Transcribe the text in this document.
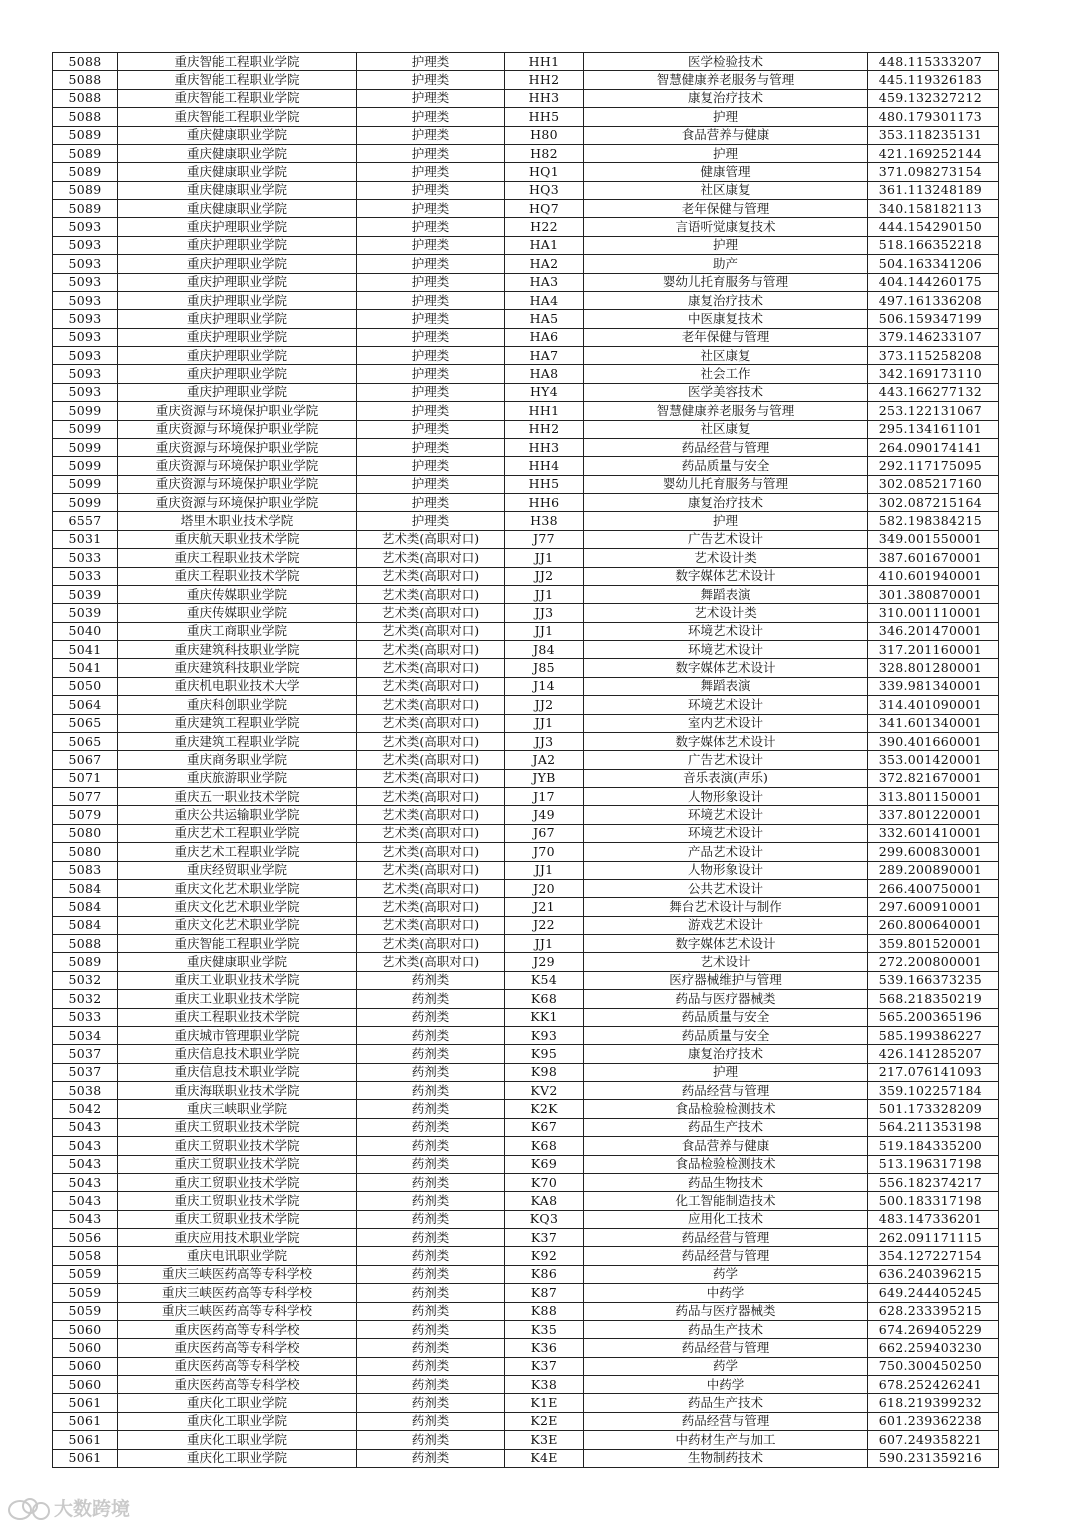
5088	重庆智能工程职业学院	护理类	HH1	医学检验技术	448.115333207
5088	重庆智能工程职业学院	护理类	HH2	智慧健康养老服务与管理	445.119326183
5088	重庆智能工程职业学院	护理类	HH3	康复治疗技术	459.132327212
5088	重庆智能工程职业学院	护理类	HH5	护理	480.179301173
5089	重庆健康职业学院	护理类	H80	食品营养与健康	353.118235131
5089	重庆健康职业学院	护理类	H82	护理	421.169252144
5089	重庆健康职业学院	护理类	HQ1	健康管理	371.098273154
5089	重庆健康职业学院	护理类	HQ3	社区康复	361.113248189
5089	重庆健康职业学院	护理类	HQ7	老年保健与管理	340.158182113
5093	重庆护理职业学院	护理类	H22	言语听觉康复技术	444.154290150
5093	重庆护理职业学院	护理类	HA1	护理	518.166352218
5093	重庆护理职业学院	护理类	HA2	助产	504.163341206
5093	重庆护理职业学院	护理类	HA3	婴幼儿托育服务与管理	404.144260175
5093	重庆护理职业学院	护理类	HA4	康复治疗技术	497.161336208
5093	重庆护理职业学院	护理类	HA5	中医康复技术	506.159347199
5093	重庆护理职业学院	护理类	HA6	老年保健与管理	379.146233107
5093	重庆护理职业学院	护理类	HA7	社区康复	373.115258208
5093	重庆护理职业学院	护理类	HA8	社会工作	342.169173110
5093	重庆护理职业学院	护理类	HY4	医学美容技术	443.166277132
5099	重庆资源与环境保护职业学院	护理类	HH1	智慧健康养老服务与管理	253.122131067
5099	重庆资源与环境保护职业学院	护理类	HH2	社区康复	295.134161101
5099	重庆资源与环境保护职业学院	护理类	HH3	药品经营与管理	264.090174141
5099	重庆资源与环境保护职业学院	护理类	HH4	药品质量与安全	292.117175095
5099	重庆资源与环境保护职业学院	护理类	HH5	婴幼儿托育服务与管理	302.085217160
5099	重庆资源与环境保护职业学院	护理类	HH6	康复治疗技术	302.087215164
6557	塔里木职业技术学院	护理类	H38	护理	582.198384215
5031	重庆航天职业技术学院	艺术类(高职对口)	J77	广告艺术设计	349.001550001
5033	重庆工程职业技术学院	艺术类(高职对口)	JJ1	艺术设计类	387.601670001
5033	重庆工程职业技术学院	艺术类(高职对口)	JJ2	数字媒体艺术设计	410.601940001
5039	重庆传媒职业学院	艺术类(高职对口)	JJ1	舞蹈表演	301.380870001
5039	重庆传媒职业学院	艺术类(高职对口)	JJ3	艺术设计类	310.001110001
5040	重庆工商职业学院	艺术类(高职对口)	JJ1	环境艺术设计	346.201470001
5041	重庆建筑科技职业学院	艺术类(高职对口)	J84	环境艺术设计	317.201160001
5041	重庆建筑科技职业学院	艺术类(高职对口)	J85	数字媒体艺术设计	328.801280001
5050	重庆机电职业技术大学	艺术类(高职对口)	J14	舞蹈表演	339.981340001
5064	重庆科创职业学院	艺术类(高职对口)	JJ2	环境艺术设计	314.401090001
5065	重庆建筑工程职业学院	艺术类(高职对口)	JJ1	室内艺术设计	341.601340001
5065	重庆建筑工程职业学院	艺术类(高职对口)	JJ3	数字媒体艺术设计	390.401660001
5067	重庆商务职业学院	艺术类(高职对口)	JA2	广告艺术设计	353.001420001
5071	重庆旅游职业学院	艺术类(高职对口)	JYB	音乐表演(声乐)	372.821670001
5077	重庆五一职业技术学院	艺术类(高职对口)	J17	人物形象设计	313.801150001
5079	重庆公共运输职业学院	艺术类(高职对口)	J49	环境艺术设计	337.801220001
5080	重庆艺术工程职业学院	艺术类(高职对口)	J67	环境艺术设计	332.601410001
5080	重庆艺术工程职业学院	艺术类(高职对口)	J70	产品艺术设计	299.600830001
5083	重庆经贸职业学院	艺术类(高职对口)	JJ1	人物形象设计	289.200890001
5084	重庆文化艺术职业学院	艺术类(高职对口)	J20	公共艺术设计	266.400750001
5084	重庆文化艺术职业学院	艺术类(高职对口)	J21	舞台艺术设计与制作	297.600910001
5084	重庆文化艺术职业学院	艺术类(高职对口)	J22	游戏艺术设计	260.800640001
5088	重庆智能工程职业学院	艺术类(高职对口)	JJ1	数字媒体艺术设计	359.801520001
5089	重庆健康职业学院	艺术类(高职对口)	J29	艺术设计	272.200800001
5032	重庆工业职业技术学院	药剂类	K54	医疗器械维护与管理	539.166373235
5032	重庆工业职业技术学院	药剂类	K68	药品与医疗器械类	568.218350219
5033	重庆工程职业技术学院	药剂类	KK1	药品质量与安全	565.200365196
5034	重庆城市管理职业学院	药剂类	K93	药品质量与安全	585.199386227
5037	重庆信息技术职业学院	药剂类	K95	康复治疗技术	426.141285207
5037	重庆信息技术职业学院	药剂类	K98	护理	217.076141093
5038	重庆海联职业技术学院	药剂类	KV2	药品经营与管理	359.102257184
5042	重庆三峡职业学院	药剂类	K2K	食品检验检测技术	501.173328209
5043	重庆工贸职业技术学院	药剂类	K67	药品生产技术	564.211353198
5043	重庆工贸职业技术学院	药剂类	K68	食品营养与健康	519.184335200
5043	重庆工贸职业技术学院	药剂类	K69	食品检验检测技术	513.196317198
5043	重庆工贸职业技术学院	药剂类	K70	药品生物技术	556.182374217
5043	重庆工贸职业技术学院	药剂类	KA8	化工智能制造技术	500.183317198
5043	重庆工贸职业技术学院	药剂类	KQ3	应用化工技术	483.147336201
5056	重庆应用技术职业学院	药剂类	K37	药品经营与管理	262.091171115
5058	重庆电讯职业学院	药剂类	K92	药品经营与管理	354.127227154
5059	重庆三峡医药高等专科学校	药剂类	K86	药学	636.240396215
5059	重庆三峡医药高等专科学校	药剂类	K87	中药学	649.244405245
5059	重庆三峡医药高等专科学校	药剂类	K88	药品与医疗器械类	628.233395215
5060	重庆医药高等专科学校	药剂类	K35	药品生产技术	674.269405229
5060	重庆医药高等专科学校	药剂类	K36	药品经营与管理	662.259403230
5060	重庆医药高等专科学校	药剂类	K37	药学	750.300450250
5060	重庆医药高等专科学校	药剂类	K38	中药学	678.252426241
5061	重庆化工职业学院	药剂类	K1E	药品生产技术	618.219399232
5061	重庆化工职业学院	药剂类	K2E	药品经营与管理	601.239362238
5061	重庆化工职业学院	药剂类	K3E	中药材生产与加工	607.249358221
5061	重庆化工职业学院	药剂类	K4E	生物制药技术	590.231359216
大数跨境
